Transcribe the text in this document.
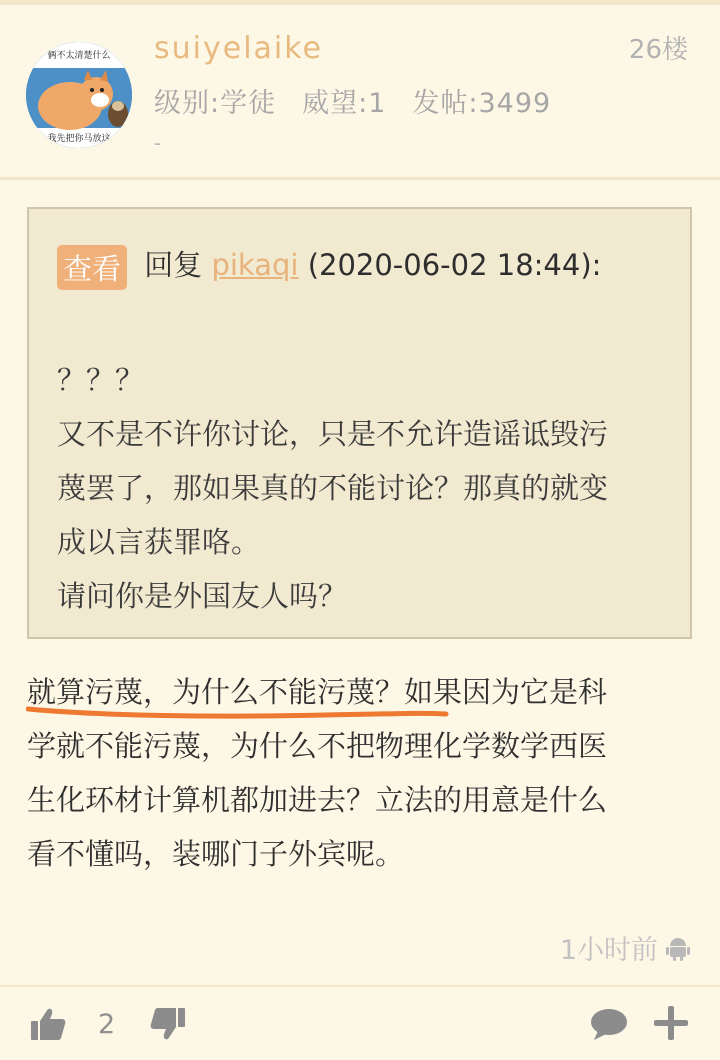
俩不太清楚什么
我先把你马放这
suiyelaike
级别:学徒 威望:1 发帖:3499
-
26楼
查看 回复 pikaqi (2020-06-02 18:44):
？？？
又不是不许你讨论，只是不允许造谣诋毁污
蔑罢了，那如果真的不能讨论？那真的就变
成以言获罪咯。
请问你是外国友人吗？
就算污蔑，为什么不能污蔑？如果因为它是科
学就不能污蔑，为什么不把物理化学数学西医
生化环材计算机都加进去？立法的用意是什么
看不懂吗，装哪门子外宾呢。
1小时前
2
